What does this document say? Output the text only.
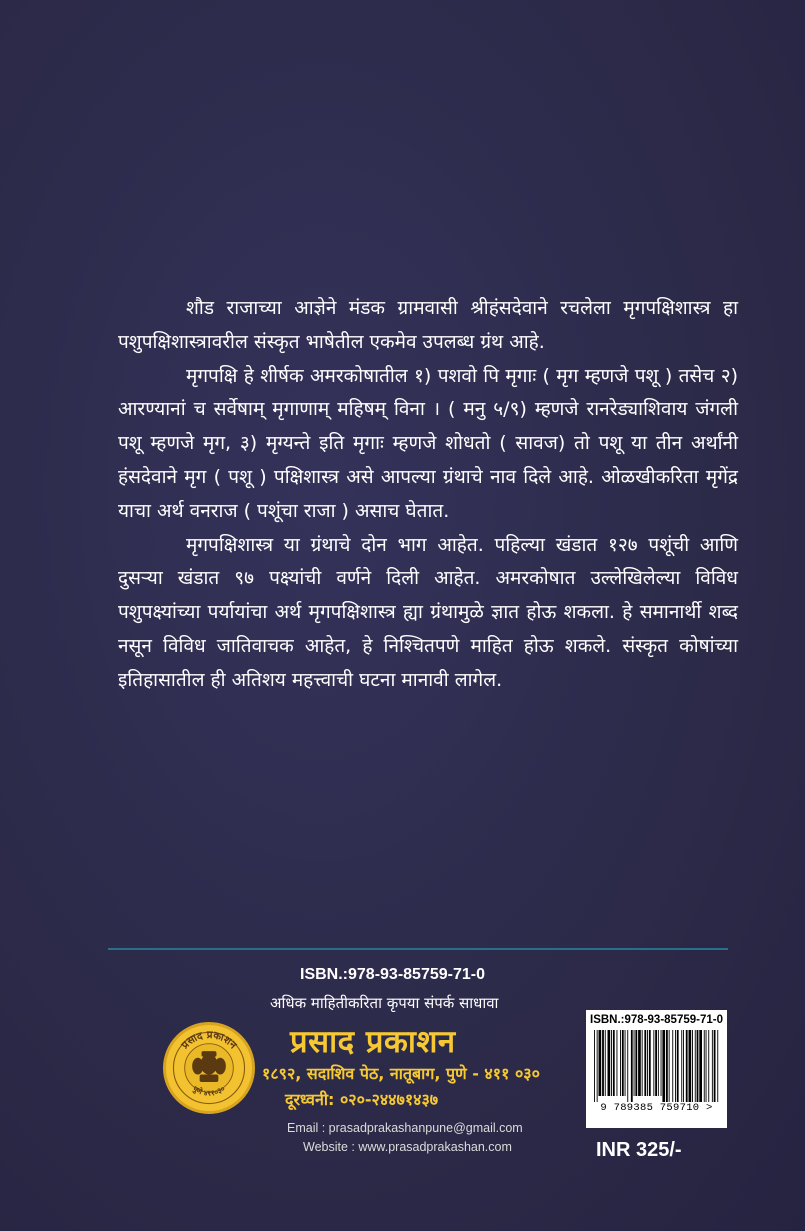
शौड राजाच्या आज्ञेने मंडक ग्रामवासी श्रीहंसदेवाने रचलेला मृगपक्षिशास्त्र हा पशुपक्षिशास्त्रावरील संस्कृत भाषेतील एकमेव उपलब्ध ग्रंथ आहे.

मृगपक्षि हे शीर्षक अमरकोषातील १) पशवो पि मृगाः ( मृग म्हणजे पशू ) तसेच २) आरण्यानां च सर्वेषाम् मृगाणाम् महिषम् विना । ( मनु ५/९) म्हणजे रानरेड्याशिवाय जंगली पशू म्हणजे मृग, ३) मृग्यन्ते इति मृगाः म्हणजे शोधतो ( सावज) तो पशू या तीन अर्थांनी हंसदेवाने मृग ( पशू ) पक्षिशास्त्र असे आपल्या ग्रंथाचे नाव दिले आहे. ओळखीकरिता मृगेंद्र याचा अर्थ वनराज ( पशूंचा राजा ) असाच घेतात.

मृगपक्षिशास्त्र या ग्रंथाचे दोन भाग आहेत. पहिल्या खंडात १२७ पशूंची आणि दुसऱ्या खंडात ९७ पक्ष्यांची वर्णने दिली आहेत. अमरकोषात उल्लेखिलेल्या विविध पशुपक्ष्यांच्या पर्यायांचा अर्थ मृगपक्षिशास्त्र ह्या ग्रंथामुळे ज्ञात होऊ शकला. हे समानार्थी शब्द नसून विविध जातिवाचक आहेत, हे निश्चितपणे माहित होऊ शकले. संस्कृत कोषांच्या इतिहासातील ही अतिशय महत्त्वाची घटना मानावी लागेल.

ISBN.:978-93-85759-71-0
अधिक माहितीकरिता कृपया संपर्क साधावा
प्रसाद प्रकाशन
पुणे ४११०३०
प्रसाद प्रकाशन
१८९२, सदाशिव पेठ, नातूबाग, पुणे - ४११ ०३०
दूरध्वनी: ०२०-२४४७१४३७
Email : prasadprakashanpune@gmail.com
Website : www.prasadprakashan.com
ISBN.:978-93-85759-71-0
9 789385 759710 >
INR 325/-
